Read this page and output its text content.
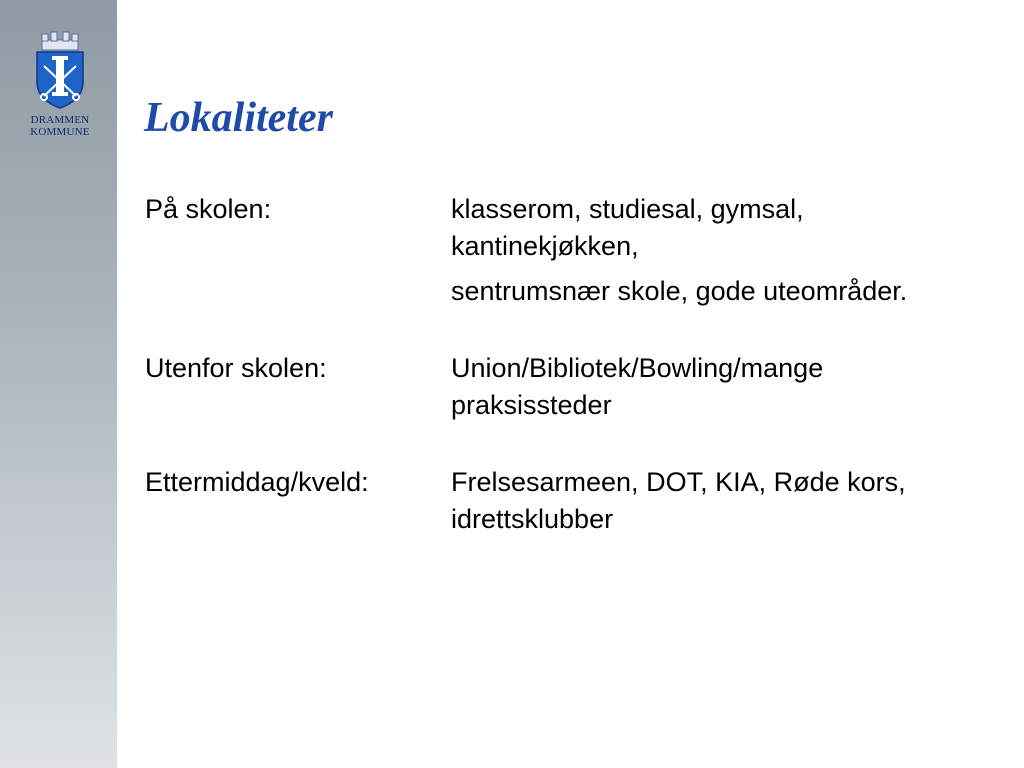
DRAMMEN
KOMMUNE Lokaliteter
På skolen:	klasserom, studiesal, gymsal, kantinekjøkken,

sentrumsnær skole, gode uteområder.

Utenfor skolen:	Union/Bibliotek/Bowling/mange praksissteder

Ettermiddag/kveld:	Frelsesarmeen, DOT, KIA, Røde kors, idrettsklubber
